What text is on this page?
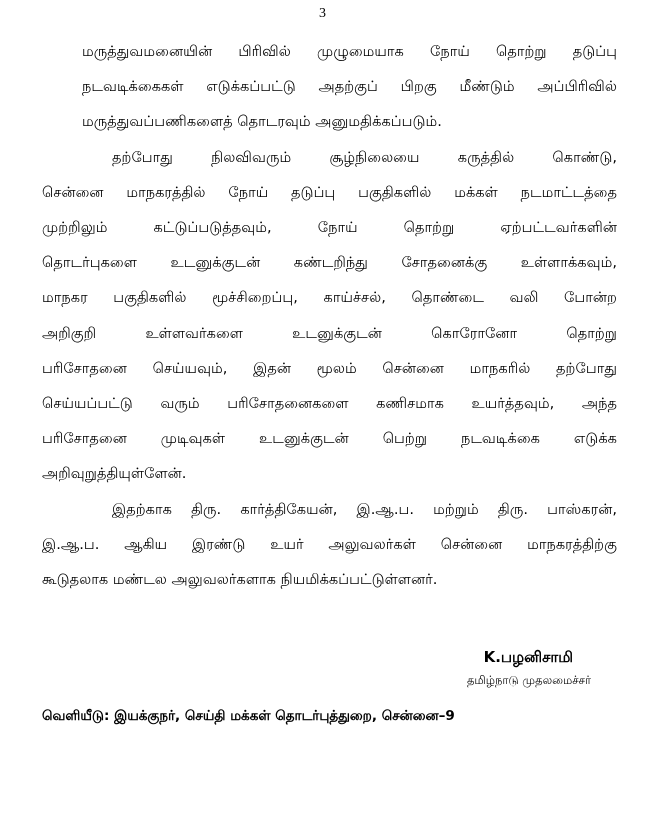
3

மருத்துவமனையின் பிரிவில் முழுமையாக நோய் தொற்று தடுப்பு
நடவடிக்கைகள் எடுக்கப்பட்டு அதற்குப் பிறகு மீண்டும் அப்பிரிவில்
மருத்துவப்பணிகளைத் தொடரவும் அனுமதிக்கப்படும்.

தற்போது நிலவிவரும் சூழ்நிலையை கருத்தில் கொண்டு,
சென்னை மாநகரத்தில் நோய் தடுப்பு பகுதிகளில் மக்கள் நடமாட்டத்தை
முற்றிலும் கட்டுப்படுத்தவும், நோய் தொற்று ஏற்பட்டவர்களின்
தொடர்புகளை உடனுக்குடன் கண்டறிந்து சோதனைக்கு உள்ளாக்கவும்,
மாநகர பகுதிகளில் மூச்சிறைப்பு, காய்ச்சல், தொண்டை வலி போன்ற
அறிகுறி உள்ளவர்களை உடனுக்குடன் கொரோனோ தொற்று
பரிசோதனை செய்யவும், இதன் மூலம் சென்னை மாநகரில் தற்போது
செய்யப்பட்டு வரும் பரிசோதனைகளை கணிசமாக உயர்த்தவும், அந்த
பரிசோதனை முடிவுகள் உடனுக்குடன் பெற்று நடவடிக்கை எடுக்க
அறிவுறுத்தியுள்ளேன்.

இதற்காக திரு. கார்த்திகேயன், இ.ஆ.ப. மற்றும் திரு. பாஸ்கரன்,
இ.ஆ.ப. ஆகிய இரண்டு உயர் அலுவலர்கள் சென்னை மாநகரத்திற்கு
கூடுதலாக மண்டல அலுவலர்களாக நியமிக்கப்பட்டுள்ளனர்.

K.பழனிசாமி
தமிழ்நாடு முதலமைச்சர்
வெளியீடு: இயக்குநர், செய்தி மக்கள் தொடர்புத்துறை, சென்னை–9
